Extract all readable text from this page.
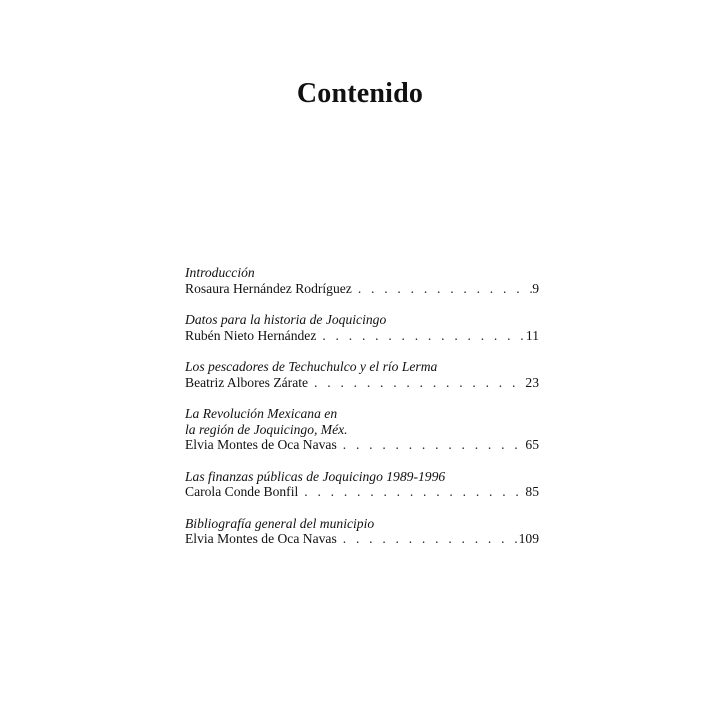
Contenido
Introducción
Rosaura Hernández Rodríguez . . .	9
Datos para la historia de Joquicingo
Rubén Nieto Hernández . . .	11
Los pescadores de Techuchulco y el río Lerma
Beatriz Albores Zárate . . .	23
La Revolución Mexicana en
la región de Joquicingo, Méx.
Elvia Montes de Oca Navas . . .	65
Las finanzas públicas de Joquicingo 1989-1996
Carola Conde Bonfil . . .	85
Bibliografía general del municipio
Elvia Montes de Oca Navas . . .	109
